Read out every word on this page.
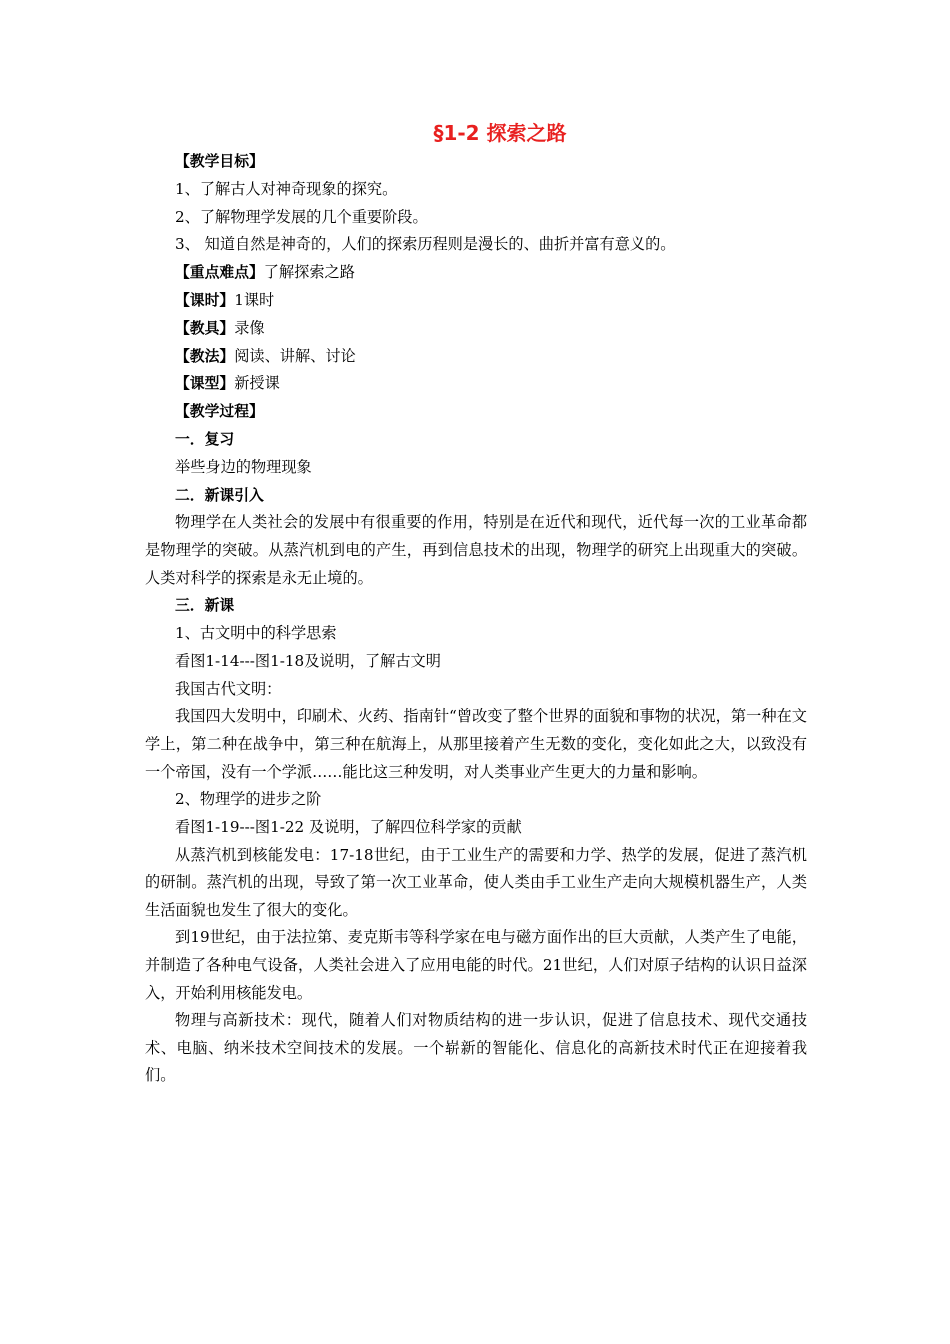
§1-2 探索之路

【教学目标】

1、了解古人对神奇现象的探究。

2、了解物理学发展的几个重要阶段。

3、 知道自然是神奇的，人们的探索历程则是漫长的、曲折并富有意义的。

【重点难点】了解探索之路

【课时】1课时

【教具】录像

【教法】阅读、讲解、讨论

【课型】新授课

【教学过程】

一．复习

举些身边的物理现象

二．新课引入

物理学在人类社会的发展中有很重要的作用，特别是在近代和现代，近代每一次的工业革命都是物理学的突破。从蒸汽机到电的产生，再到信息技术的出现，物理学的研究上出现重大的突破。人类对科学的探索是永无止境的。

三．新课

1、古文明中的科学思索

看图1-14---图1-18及说明，了解古文明

我国古代文明：

我国四大发明中，印刷术、火药、指南针“曾改变了整个世界的面貌和事物的状况，第一种在文学上，第二种在战争中，第三种在航海上，从那里接着产生无数的变化，变化如此之大，以致没有一个帝国，没有一个学派……能比这三种发明，对人类事业产生更大的力量和影响。

2、物理学的进步之阶

看图1-19---图1-22 及说明，了解四位科学家的贡献

从蒸汽机到核能发电：17-18世纪，由于工业生产的需要和力学、热学的发展，促进了蒸汽机的研制。蒸汽机的出现，导致了第一次工业革命，使人类由手工业生产走向大规模机器生产，人类生活面貌也发生了很大的变化。

到19世纪，由于法拉第、麦克斯韦等科学家在电与磁方面作出的巨大贡献，人类产生了电能，并制造了各种电气设备，人类社会进入了应用电能的时代。21世纪，人们对原子结构的认识日益深入，开始利用核能发电。

物理与高新技术：现代，随着人们对物质结构的进一步认识，促进了信息技术、现代交通技术、电脑、纳米技术空间技术的发展。一个崭新的智能化、信息化的高新技术时代正在迎接着我们。
